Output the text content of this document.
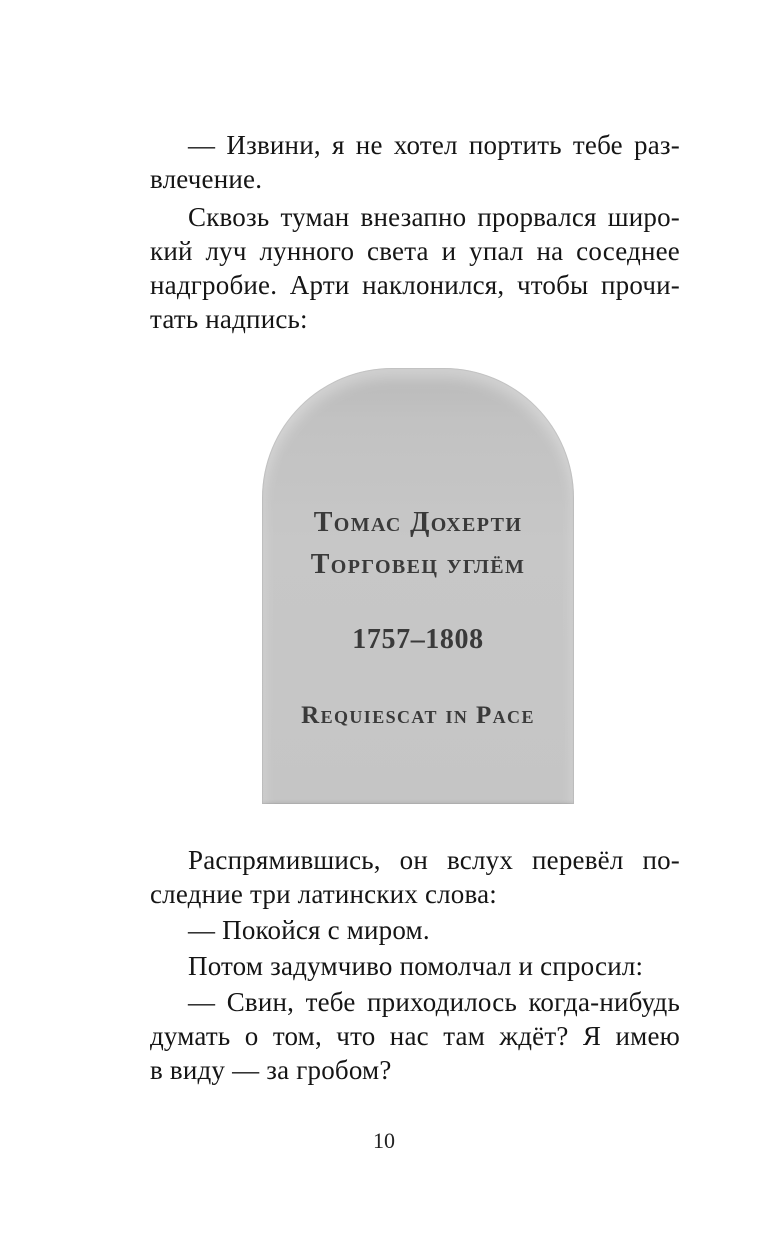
— Извини, я не хотел портить тебе раз-
влечение.
Сквозь туман внезапно прорвался широ-
кий луч лунного света и упал на соседнее
надгробие. Арти наклонился, чтобы прочи-
тать надпись:
Томас Дохерти
Торговец углём
1757–1808
Requiescat in Pace
Распрямившись, он вслух перевёл по-
следние три латинских слова:
— Покойся с миром.
Потом задумчиво помолчал и спросил:
— Свин, тебе приходилось когда-нибудь
думать о том, что нас там ждёт? Я имею
в виду — за гробом?
10
